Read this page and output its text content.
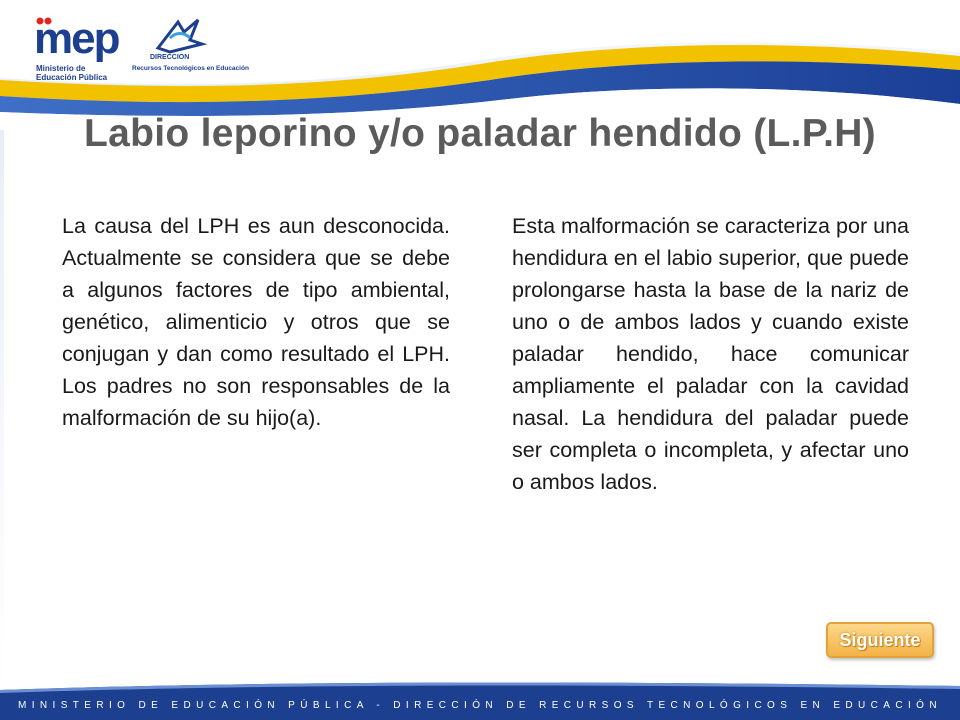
mep
Ministerio de
Educación Pública
DIRECCION
Recursos Tecnológicos en Educación
Labio leporino y/o paladar hendido (L.P.H)

La causa del LPH es aun desconocida. Actualmente se considera que se debe a algunos factores de tipo ambiental, genético, alimenticio y otros que se conjugan y dan como resultado el LPH. Los padres no son responsables de la malformación de su hijo(a).

Esta malformación se caracteriza por una hendidura en el labio superior, que puede prolongarse hasta la base de la nariz de uno o de ambos lados y cuando existe paladar hendido, hace comunicar ampliamente el paladar con la cavidad nasal. La hendidura del paladar puede ser completa o incompleta, y afectar uno o ambos lados.

Siguiente
MINISTERIO DE EDUCACIÓN PÚBLICA - DIRECCIÓN DE RECURSOS TECNOLÓGICOS EN EDUCACIÓN
